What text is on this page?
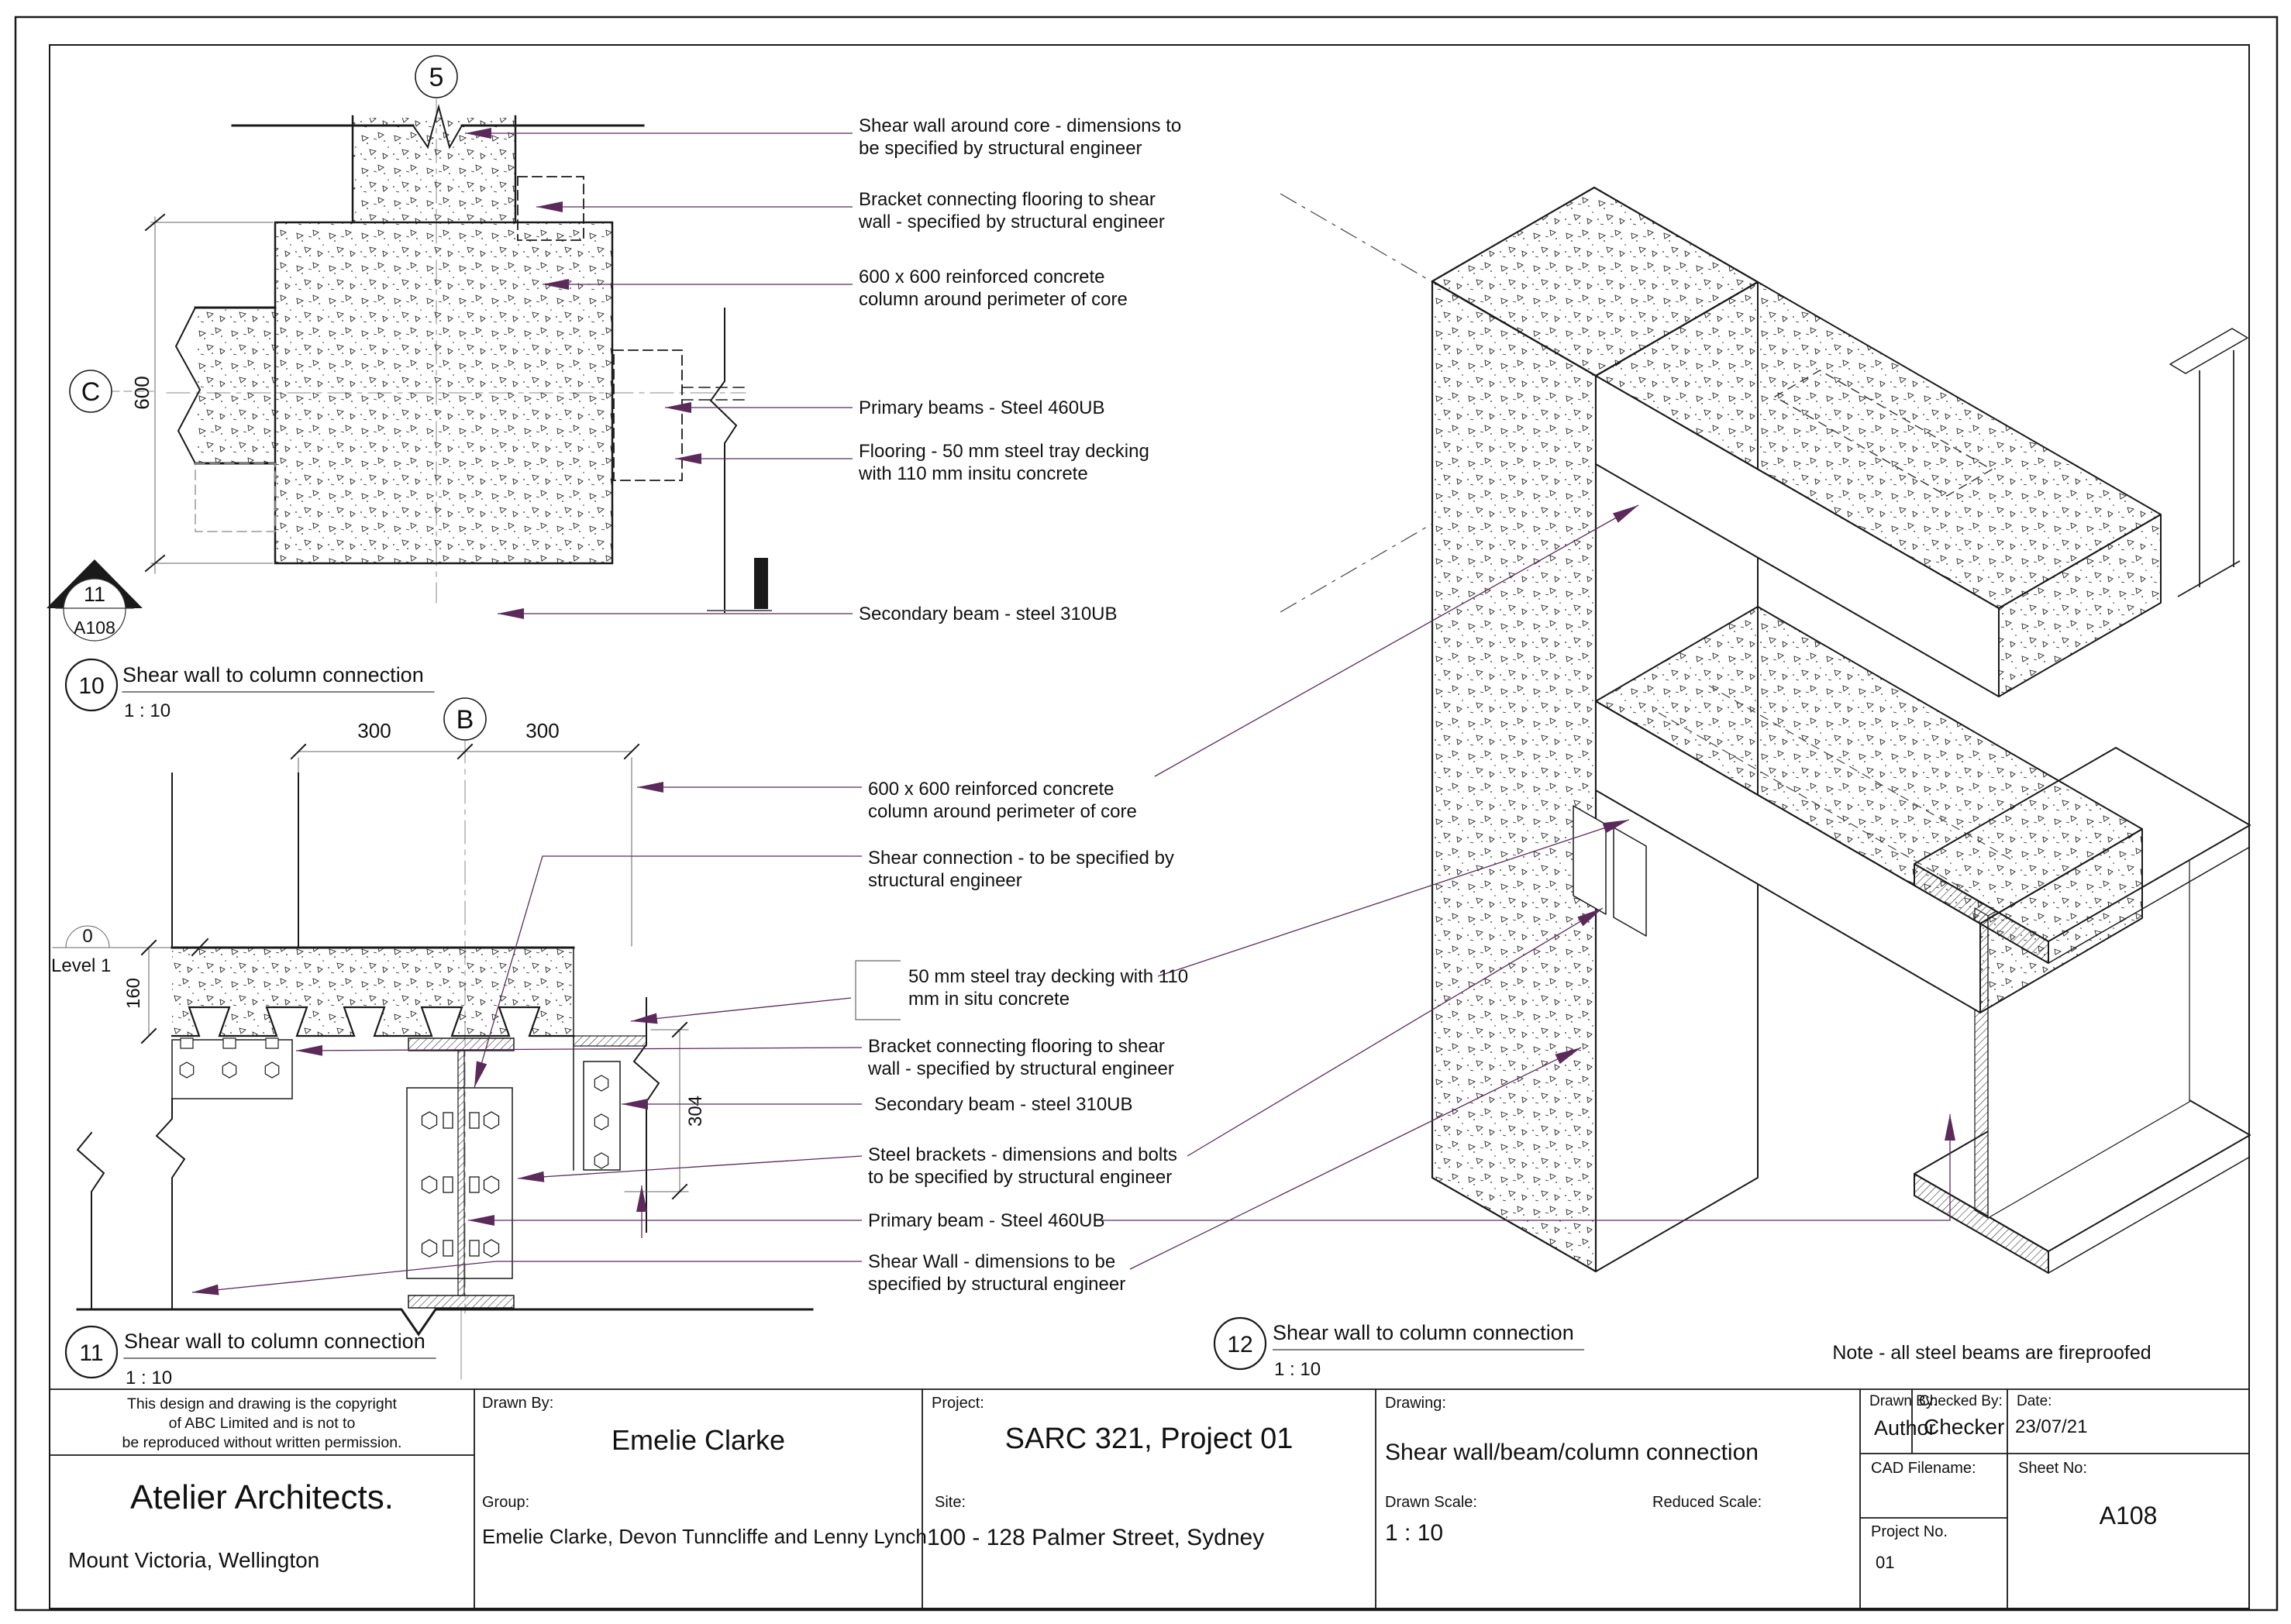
600
5
C
11
A108
10 Shear wall to column connection
1 : 10
300	300
B
0
Level 1
160
304
11 Shear wall to column connection
1 : 10
12 Shear wall to column connection
1 : 10
Shear wall around core - dimensions to
be specified by structural engineer
Bracket connecting flooring to shear
wall - specified by structural engineer
600 x 600 reinforced concrete
column around perimeter of core
Primary beams - Steel 460UB
Flooring - 50 mm steel tray decking
with 110 mm insitu concrete
Secondary beam - steel 310UB
600 x 600 reinforced concrete
column around perimeter of core
Shear connection - to be specified by
structural engineer
50 mm steel tray decking with 110
mm in situ concrete
Bracket connecting flooring to shear
wall - specified by structural engineer
Secondary beam - steel 310UB
Steel brackets - dimensions and bolts
to be specified by structural engineer
Primary beam - Steel 460UB
Shear Wall - dimensions to be
specified by structural engineer
Note - all steel beams are fireproofed
This design and drawing is the copyright
of ABC Limited and is not to
be reproduced without written permission.
Atelier Architects.
Mount Victoria, Wellington
Drawn By:
Emelie Clarke
Group:
Emelie Clarke, Devon Tunncliffe and Lenny Lynch
Project:
SARC 321, Project 01
Site:
100 - 128 Palmer Street, Sydney
Drawing:
Shear wall/beam/column connection
Drawn Scale:
1 : 10
Reduced Scale:
Drawn By:
Author
Checked By:
Checker
Date:
23/07/21
CAD Filename:	Sheet No:
A108
Project No.
01
